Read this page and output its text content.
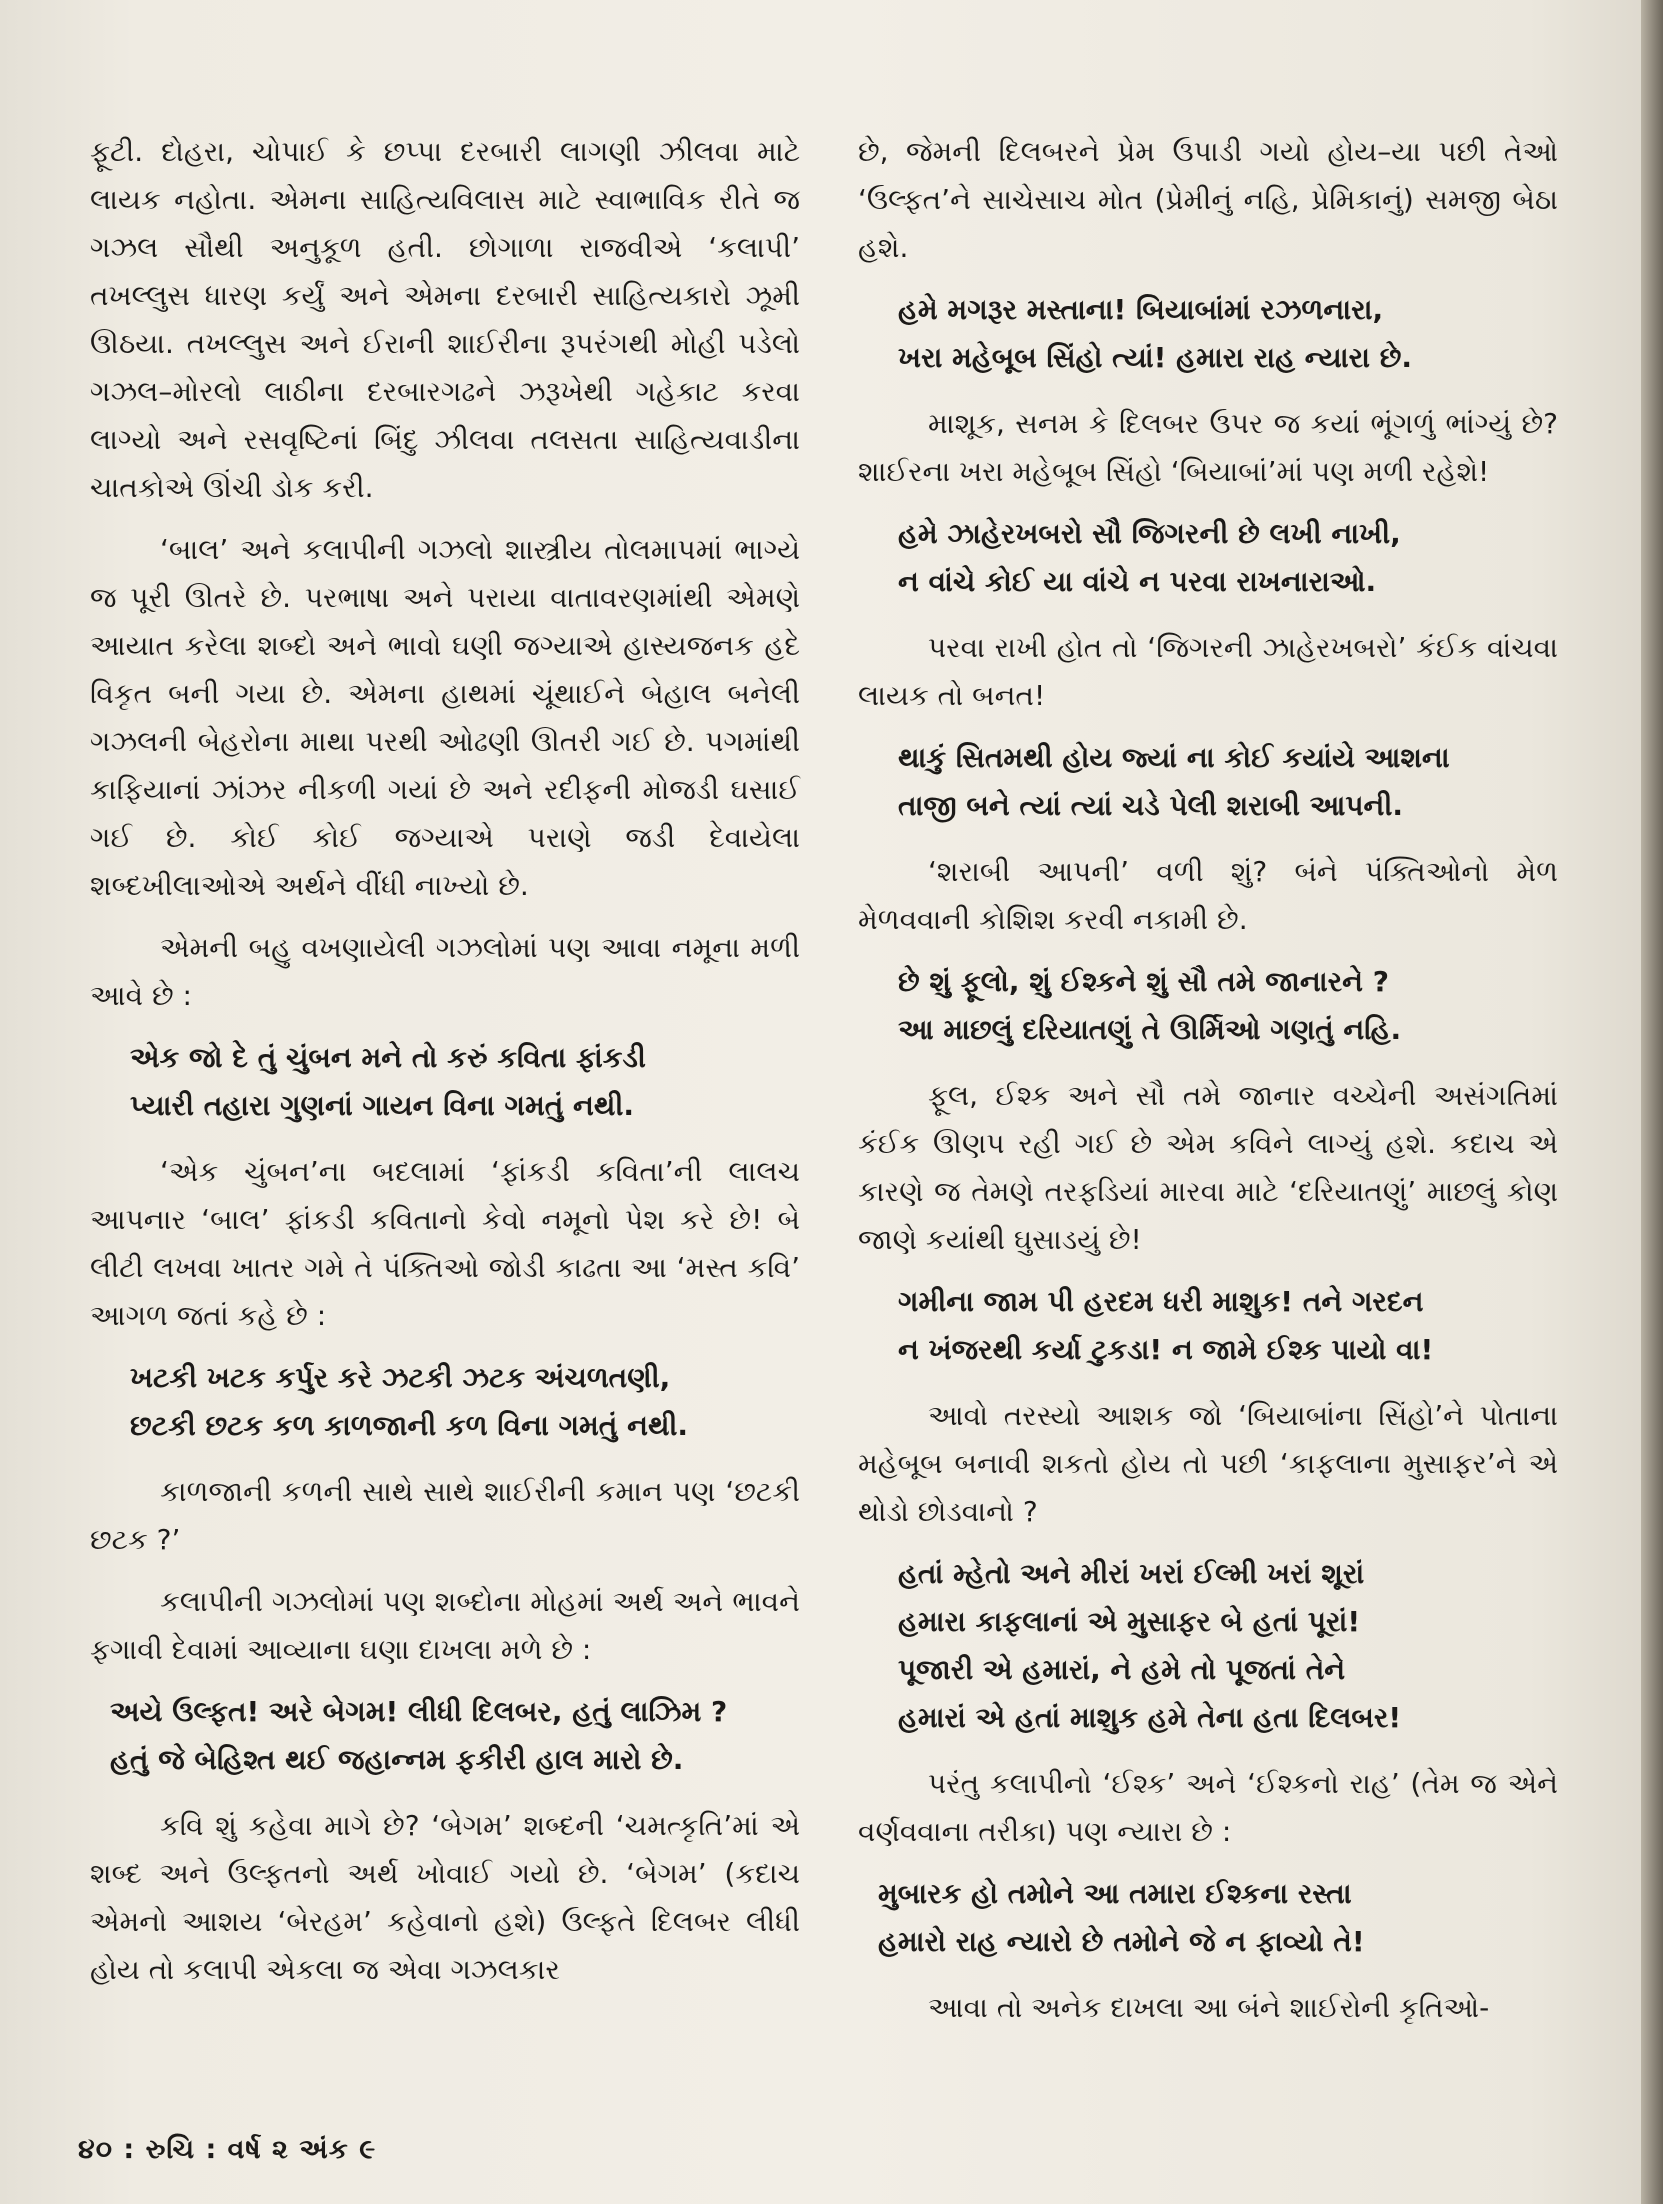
ફૂટી. દોહરા, ચોપાઈ કે છપ્પા દરબારી લાગણી ઝીલવા માટે લાયક નહોતા. એમના સાહિત્યવિલાસ માટે સ્વાભાવિક રીતે જ ગઝલ સૌથી અનુકૂળ હતી. છોગાળા રાજવીએ ‘કલાપી’ તખલ્લુસ ધારણ કર્યું અને એમના દરબારી સાહિત્યકારો ઝૂમી ઊઠયા. તખલ્લુસ અને ઈરાની શાઈરીના રૂપરંગથી મોહી પડેલો ગઝલ–મોરલો લાઠીના દરબારગઢને ઝરૂખેથી ગહેકાટ કરવા લાગ્યો અને રસવૃષ્ટિનાં બિંદુ ઝીલવા તલસતા સાહિત્યવાડીના ચાતકોએ ઊંચી ડોક કરી.

‘બાલ’ અને કલાપીની ગઝલો શાસ્ત્રીય તોલમાપમાં ભાગ્યે જ પૂરી ઊતરે છે. પરભાષા અને પરાયા વાતાવરણમાંથી એમણે આયાત કરેલા શબ્દો અને ભાવો ઘણી જગ્યાએ હાસ્યજનક હદે વિકૃત બની ગયા છે. એમના હાથમાં ચૂંથાઈને બેહાલ બનેલી ગઝલની બેહરોના માથા પરથી ઓઢણી ઊતરી ગઈ છે. પગમાંથી કાફિયાનાં ઝાંઝર નીકળી ગયાં છે અને રદીફની મોજડી ઘસાઈ ગઈ છે. કોઈ કોઈ જગ્યાએ પરાણે જડી દેવાયેલા શબ્દખીલાઓએ અર્થને વીંધી નાખ્યો છે.

એમની બહુ વખણાયેલી ગઝલોમાં પણ આવા નમૂના મળી આવે છે :

એક જો દે તું ચુંબન મને તો કરું કવિતા ફાંકડી
પ્યારી તહારા ગુણનાં ગાયન વિના ગમતું નથી.

‘એક ચુંબન’ના બદલામાં ‘ફાંકડી કવિતા’ની લાલચ આપનાર ‘બાલ’ ફાંકડી કવિતાનો કેવો નમૂનો પેશ કરે છે! બે લીટી લખવા ખાતર ગમે તે પંક્તિઓ જોડી કાઢતા આ ‘મસ્ત કવિ’ આગળ જતાં કહે છે :

ખટકી ખટક કર્પુર કરે ઝટકી ઝટક અંચળતણી,
છટકી છટક કળ કાળજાની કળ વિના ગમતું નથી.

કાળજાની કળની સાથે સાથે શાઈરીની કમાન પણ ‘છટકી છટક ?’

કલાપીની ગઝલોમાં પણ શબ્દોના મોહમાં અર્થ અને ભાવને ફગાવી દેવામાં આવ્યાના ઘણા દાખલા મળે છે :

અયે ઉલ્ફત! અરે બેગમ! લીધી દિલબર, હતું લાઝિમ ?
હતું જે બેહિશ્ત થઈ જહાન્નમ ફકીરી હાલ મારો છે.

કવિ શું કહેવા માગે છે? ‘બેગમ’ શબ્દની ‘ચમત્કૃતિ’માં એ શબ્દ અને ઉલ્ફતનો અર્થ ખોવાઈ ગયો છે. ‘બેગમ’ (કદાચ એમનો આશય ‘બેરહમ’ કહેવાનો હશે) ઉલ્ફતે દિલબર લીધી હોય તો કલાપી એકલા જ એવા ગઝલકાર

છે, જેમની દિલબરને પ્રેમ ઉપાડી ગયો હોય–યા પછી તેઓ ‘ઉલ્ફત’ને સાચેસાચ મોત (પ્રેમીનું નહિ, પ્રેમિકાનું) સમજી બેઠા હશે.

હમે મગરૂર મસ્તાના! બિયાબાંમાં રઝળનારા,
ખરા મહેબૂબ સિંહો ત્યાં! હમારા રાહ ન્યારા છે.

માશૂક, સનમ કે દિલબર ઉપર જ કયાં ભૂંગળું ભાંગ્યું છે? શાઈરના ખરા મહેબૂબ સિંહો ‘બિયાબાં’માં પણ મળી રહેશે!

હમે ઝાહેરખબરો સૌ જિગરની છે લખી નાખી,
ન વાંચે કોઈ યા વાંચે ન પરવા રાખનારાઓ.

પરવા રાખી હોત તો ‘જિગરની ઝાહેરખબરો’ કંઈક વાંચવા લાયક તો બનત!

થાકું સિતમથી હોય જ્યાં ના કોઈ કયાંયે આશના
તાજી બને ત્યાં ત્યાં ચડે પેલી શરાબી આપની.

‘શરાબી આપની’ વળી શું? બંને પંક્તિઓનો મેળ મેળવવાની કોશિશ કરવી નકામી છે.

છે શું ફૂલો, શું ઈશ્કને શું સૌ તમે જાનારને ?
આ માછલું દરિયાતણું તે ઊર્મિઓ ગણતું નહિ.

ફૂલ, ઈશ્ક અને સૌ તમે જાનાર વચ્ચેની અસંગતિમાં કંઈક ઊણપ રહી ગઈ છે એમ કવિને લાગ્યું હશે. કદાચ એ કારણે જ તેમણે તરફડિયાં મારવા માટે ‘દરિયાતણું’ માછલું કોણ જાણે કયાંથી ઘુસાડયું છે!

ગમીના જામ પી હરદમ ધરી માશુક! તને ગરદન
ન ખંજરથી કર્યા ટુકડા! ન જામે ઈશ્ક પાયો વા!

આવો તરસ્યો આશક જો ‘બિયાબાંના સિંહો’ને પોતાના મહેબૂબ બનાવી શકતો હોય તો પછી ‘કાફલાના મુસાફર’ને એ થોડો છોડવાનો ?

હતાં મ્હેતો અને મીરાં ખરાં ઈલ્મી ખરાં શૂરાં
હમારા કાફલાનાં એ મુસાફર બે હતાં પૂરાં!
પૂજારી એ હમારાં, ને હમે તો પૂજતાં તેને
હમારાં એ હતાં માશુક હમે તેના હતા દિલબર!

પરંતુ કલાપીનો ‘ઈશ્ક’ અને ‘ઈશ્કનો રાહ’ (તેમ જ એને વર્ણવવાના તરીકા) પણ ન્યારા છે :

મુબારક હો તમોને આ તમારા ઈશ્કના રસ્તા
હમારો રાહ ન્યારો છે તમોને જે ન ફાવ્યો તે!

આવા તો અનેક દાખલા આ બંને શાઈરોની કૃતિઓ-

૪૦ : રુચિ : વર્ષ ૨ અંક ૯
